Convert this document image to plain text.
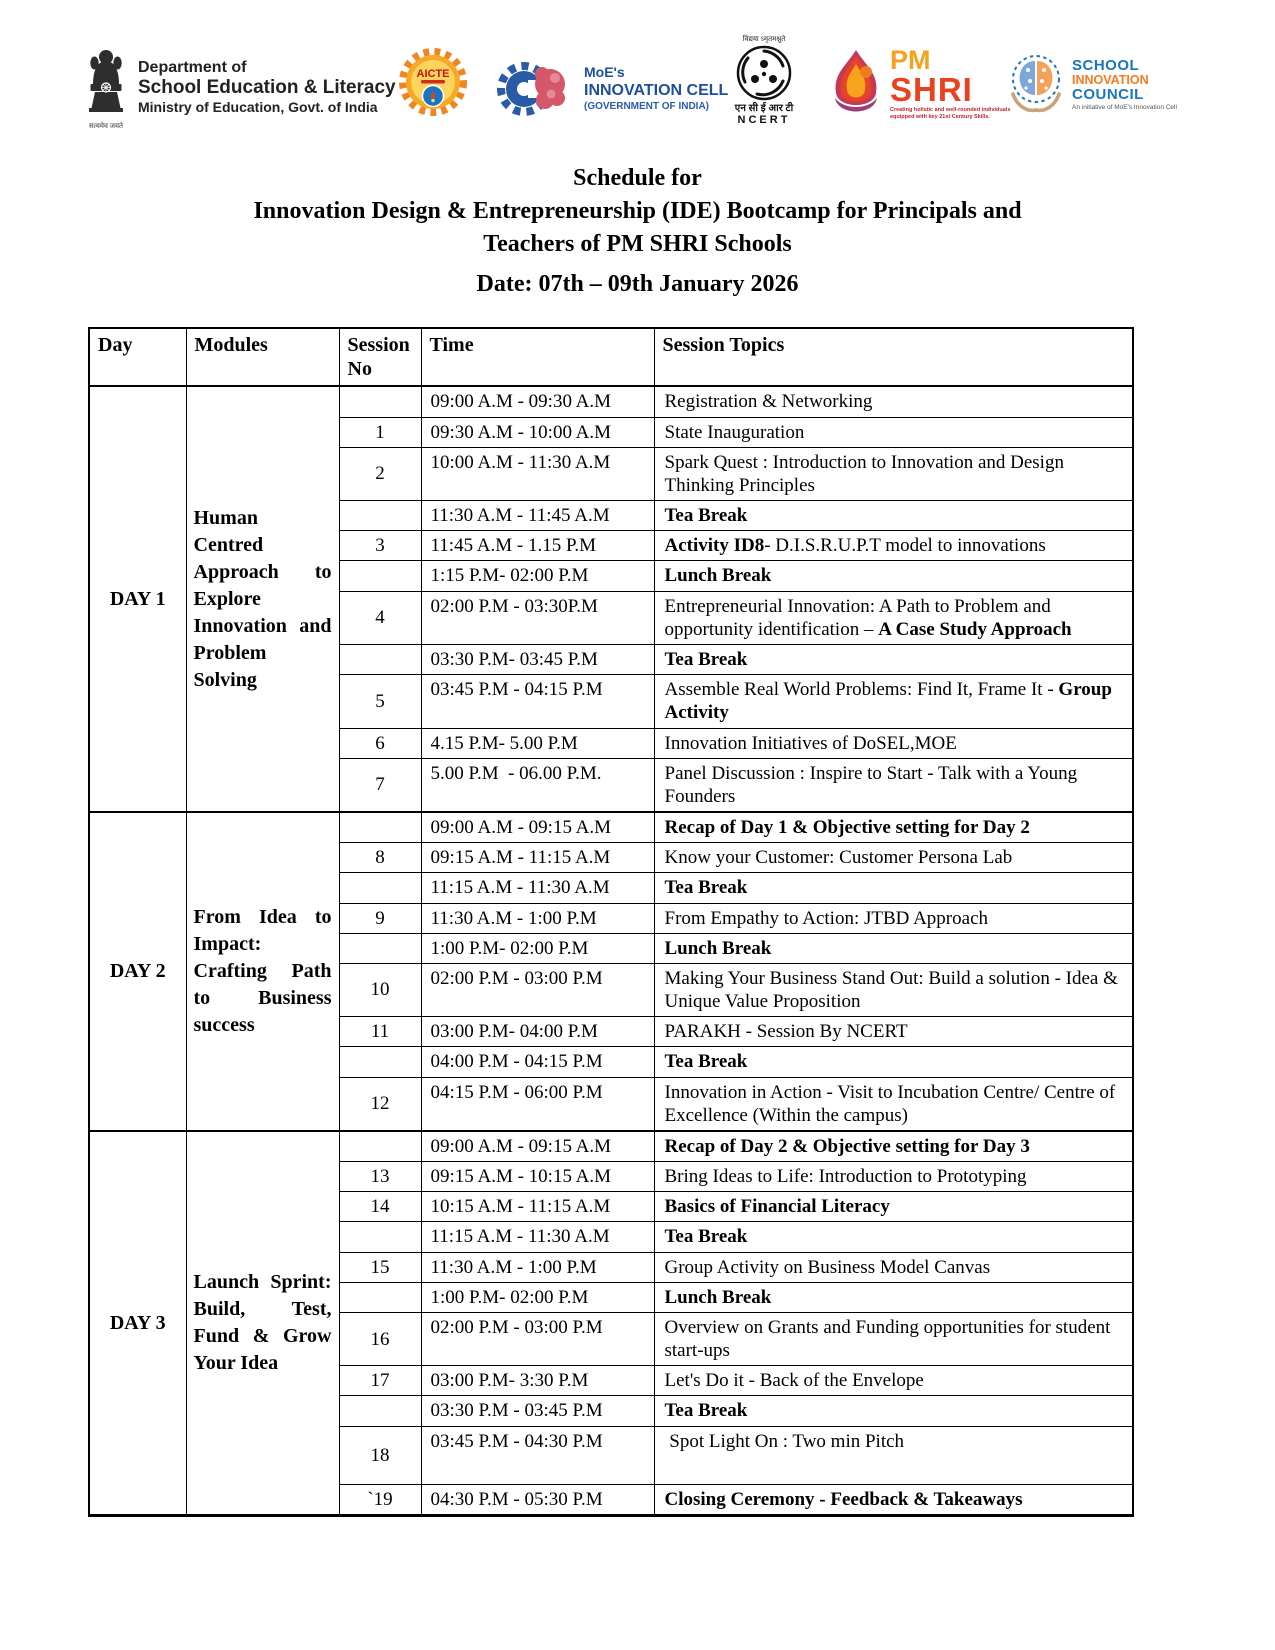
सत्यमेव जयते
Department of
School Education & Literacy
Ministry of Education, Govt. of India
AICTE	MoE's
INNOVATION CELL
(GOVERNMENT OF INDIA)
विद्यया ऽमृतमश्नुते
एन सी ई आर टी
NCERT
PM
SHRI
Creating holistic and well-rounded individuals
equipped with key 21st Century Skills.
SCHOOL
INNOVATION
COUNCIL
An initiative of MoE's Innovation Cell
Schedule for
Innovation Design & Entrepreneurship (IDE) Bootcamp for Principals and
Teachers of PM SHRI Schools
Date: 07th – 09th January 2026
Day	Modules	Session No	Time	Session Topics
DAY 1	Human Centred Approach to Explore Innovation and Problem Solving		09:00 A.M - 09:30 A.M	Registration & Networking
		1	09:30 A.M - 10:00 A.M	State Inauguration
		2	10:00 A.M - 11:30 A.M	Spark Quest : Introduction to Innovation and Design Thinking Principles
			11:30 A.M - 11:45 A.M	Tea Break
		3	11:45 A.M - 1.15 P.M	Activity ID8- D.I.S.R.U.P.T model to innovations
			1:15 P.M- 02:00 P.M	Lunch Break
		4	02:00 P.M - 03:30P.M	Entrepreneurial Innovation: A Path to Problem and opportunity identification – A Case Study Approach
			03:30 P.M- 03:45 P.M	Tea Break
		5	03:45 P.M - 04:15 P.M	Assemble Real World Problems: Find It, Frame It - Group Activity
		6	4.15 P.M- 5.00 P.M	Innovation Initiatives of DoSEL,MOE
		7	5.00 P.M  - 06.00 P.M.	Panel Discussion : Inspire to Start - Talk with a Young Founders
DAY 2	From Idea to Impact: Crafting Path to Business success		09:00 A.M - 09:15 A.M	Recap of Day 1 & Objective setting for Day 2
		8	09:15 A.M - 11:15 A.M	Know your Customer: Customer Persona Lab
			11:15 A.M - 11:30 A.M	Tea Break
		9	11:30 A.M - 1:00 P.M	From Empathy to Action: JTBD Approach
			1:00 P.M- 02:00 P.M	Lunch Break
		10	02:00 P.M - 03:00 P.M	Making Your Business Stand Out: Build a solution - Idea & Unique Value Proposition
		11	03:00 P.M- 04:00 P.M	PARAKH - Session By NCERT
			04:00 P.M - 04:15 P.M	Tea Break
		12	04:15 P.M - 06:00 P.M	Innovation in Action - Visit to Incubation Centre/ Centre of Excellence (Within the campus)
DAY 3	Launch Sprint: Build, Test, Fund & Grow Your Idea		09:00 A.M - 09:15 A.M	Recap of Day 2 & Objective setting for Day 3
		13	09:15 A.M - 10:15 A.M	Bring Ideas to Life: Introduction to Prototyping
		14	10:15 A.M - 11:15 A.M	Basics of Financial Literacy
			11:15 A.M - 11:30 A.M	Tea Break
		15	11:30 A.M - 1:00 P.M	Group Activity on Business Model Canvas
			1:00 P.M- 02:00 P.M	Lunch Break
		16	02:00 P.M - 03:00 P.M	Overview on Grants and Funding opportunities for student start-ups
		17	03:00 P.M- 3:30 P.M	Let's Do it - Back of the Envelope
			03:30 P.M - 03:45 P.M	Tea Break
		18	03:45 P.M - 04:30 P.M	Spot Light On : Two min Pitch
		`19	04:30 P.M - 05:30 P.M	Closing Ceremony - Feedback & Takeaways
